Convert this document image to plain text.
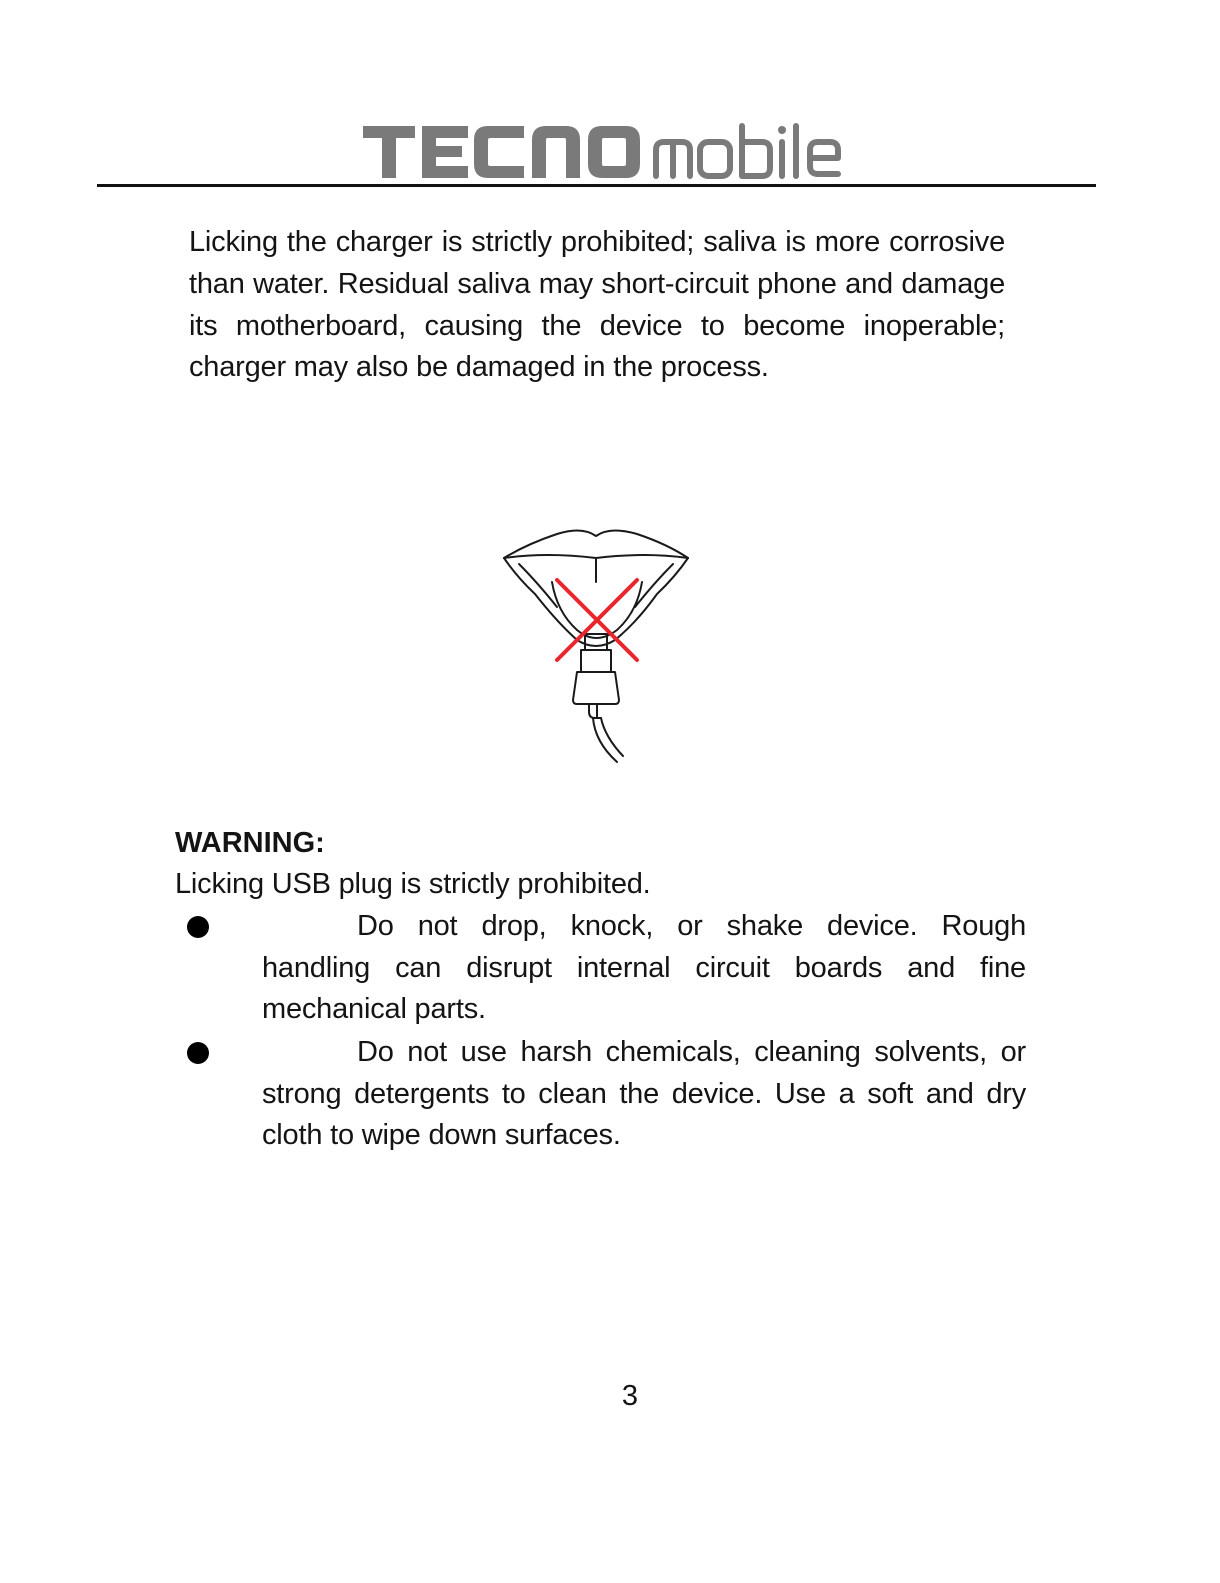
Licking the charger is strictly prohibited; saliva is more corrosive than water. Residual saliva may short-circuit phone and damage its motherboard, causing the device to become inoperable; charger may also be damaged in the process.

WARNING:
Licking USB plug is strictly prohibited.
Do not drop, knock, or shake device. Rough handling can disrupt internal circuit boards and fine mechanical parts.
Do not use harsh chemicals, cleaning solvents, or strong detergents to clean the device. Use a soft and dry cloth to wipe down surfaces.
3
